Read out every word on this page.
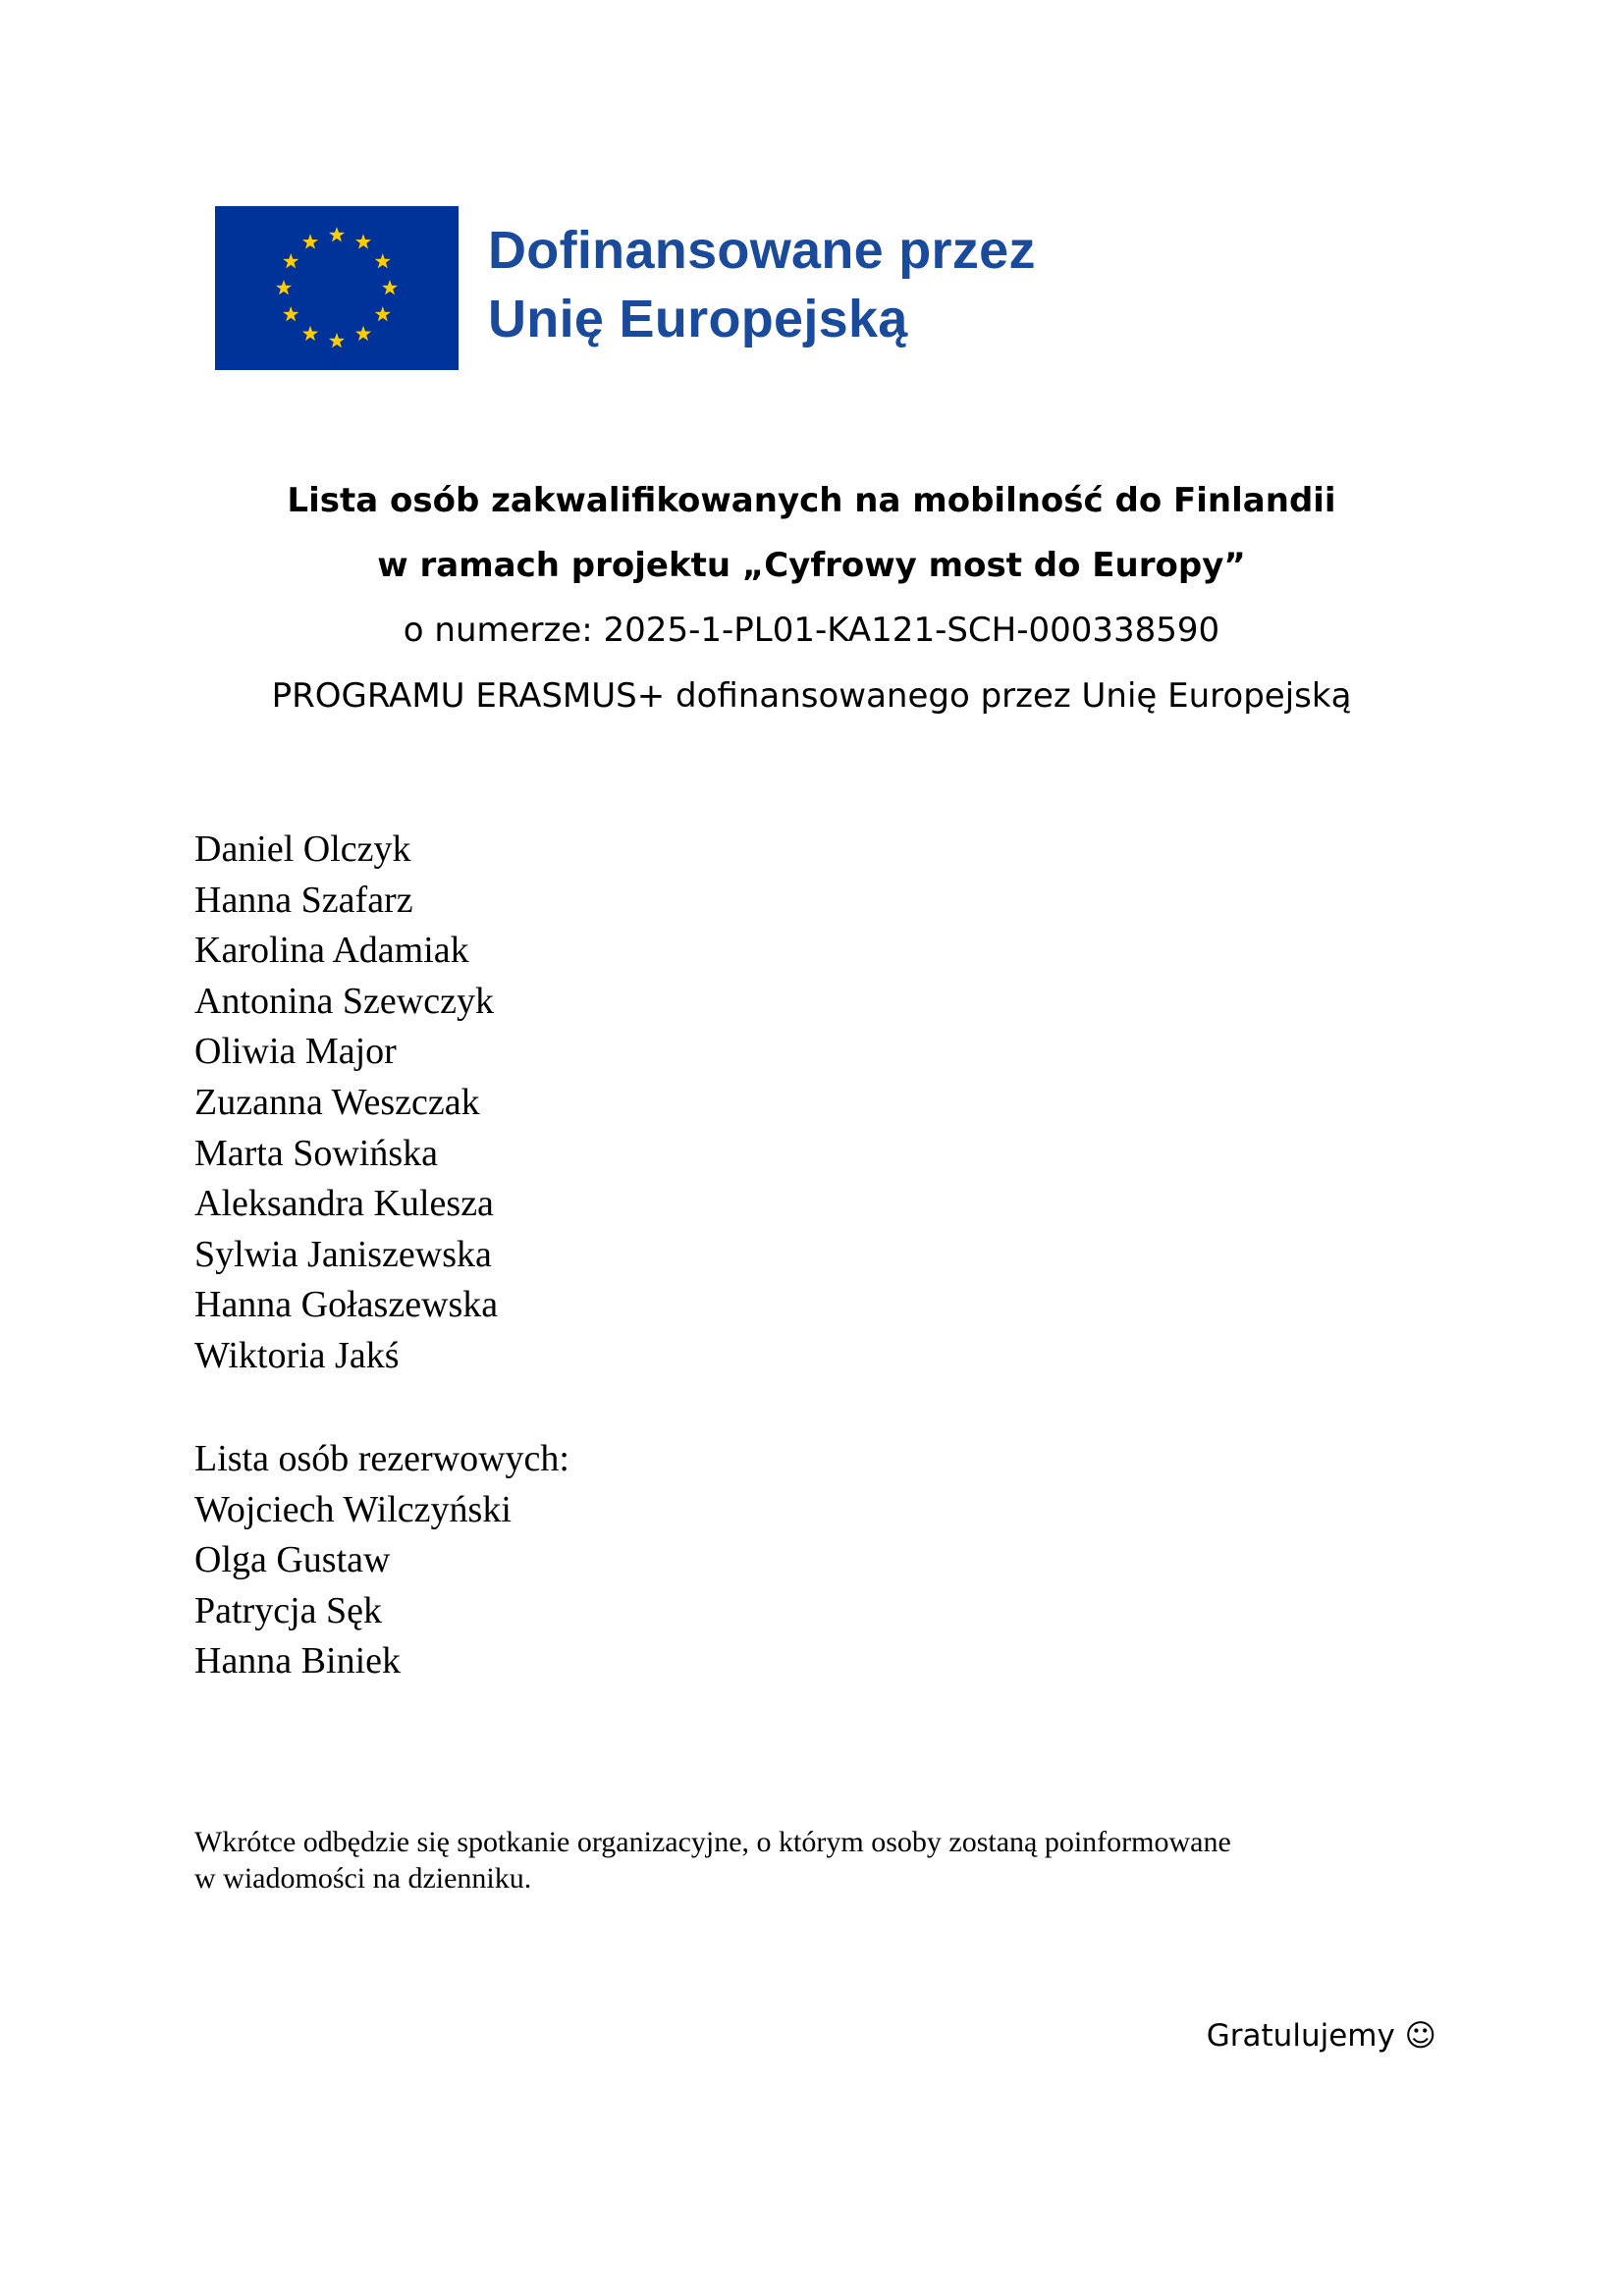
Dofinansowane przez
Unię Europejską
Lista osób zakwalifikowanych na mobilność do Finlandii
w ramach projektu „Cyfrowy most do Europy”
o numerze: 2025-1-PL01-KA121-SCH-000338590
PROGRAMU ERASMUS+ dofinansowanego przez Unię Europejską
Daniel Olczyk
Hanna Szafarz
Karolina Adamiak
Antonina Szewczyk
Oliwia Major
Zuzanna Weszczak
Marta Sowińska
Aleksandra Kulesza
Sylwia Janiszewska
Hanna Gołaszewska
Wiktoria Jakś
Lista osób rezerwowych:
Wojciech Wilczyński
Olga Gustaw
Patrycja Sęk
Hanna Biniek
Wkrótce odbędzie się spotkanie organizacyjne, o którym osoby zostaną poinformowane
w wiadomości na dzienniku.
Gratulujemy ☺
